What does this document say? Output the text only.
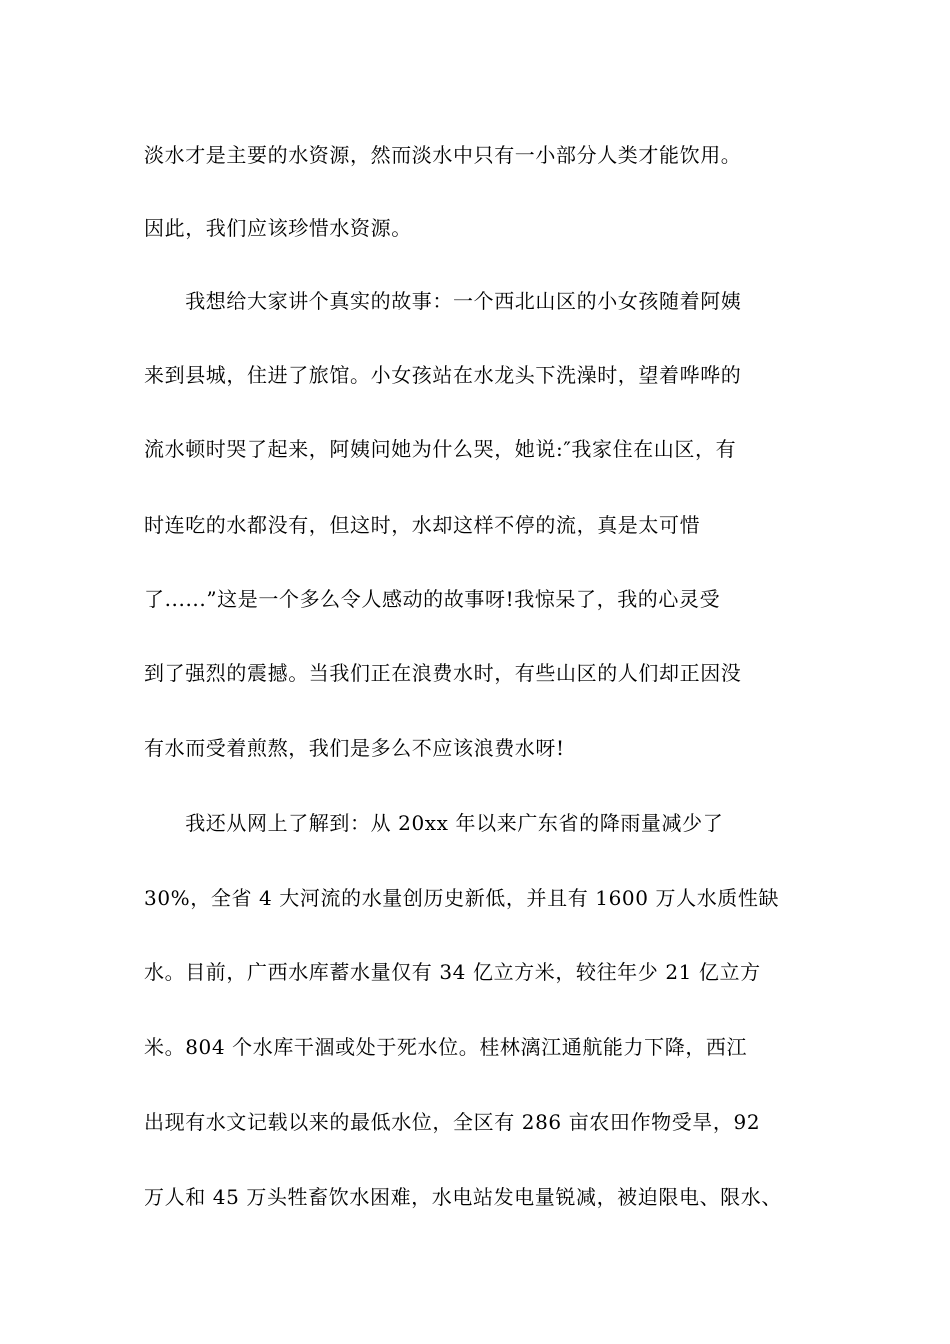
淡水才是主要的水资源，然而淡水中只有一小部分人类才能饮用。
因此，我们应该珍惜水资源。
　　我想给大家讲个真实的故事：一个西北山区的小女孩随着阿姨
来到县城，住进了旅馆。小女孩站在水龙头下洗澡时，望着哗哗的
流水顿时哭了起来，阿姨问她为什么哭，她说:″我家住在山区，有
时连吃的水都没有，但这时，水却这样不停的流，真是太可惜
了......”这是一个多么令人感动的故事呀!我惊呆了，我的心灵受
到了强烈的震撼。当我们正在浪费水时，有些山区的人们却正因没
有水而受着煎熬，我们是多么不应该浪费水呀!
　　我还从网上了解到：从 20xx 年以来广东省的降雨量减少了
30%，全省 4 大河流的水量创历史新低，并且有 1600 万人水质性缺
水。目前，广西水库蓄水量仅有 34 亿立方米，较往年少 21 亿立方
米。804 个水库干涸或处于死水位。桂林漓江通航能力下降，西江
出现有水文记载以来的最低水位，全区有 286 亩农田作物受旱，92
万人和 45 万头牲畜饮水困难，水电站发电量锐减，被迫限电、限水、
